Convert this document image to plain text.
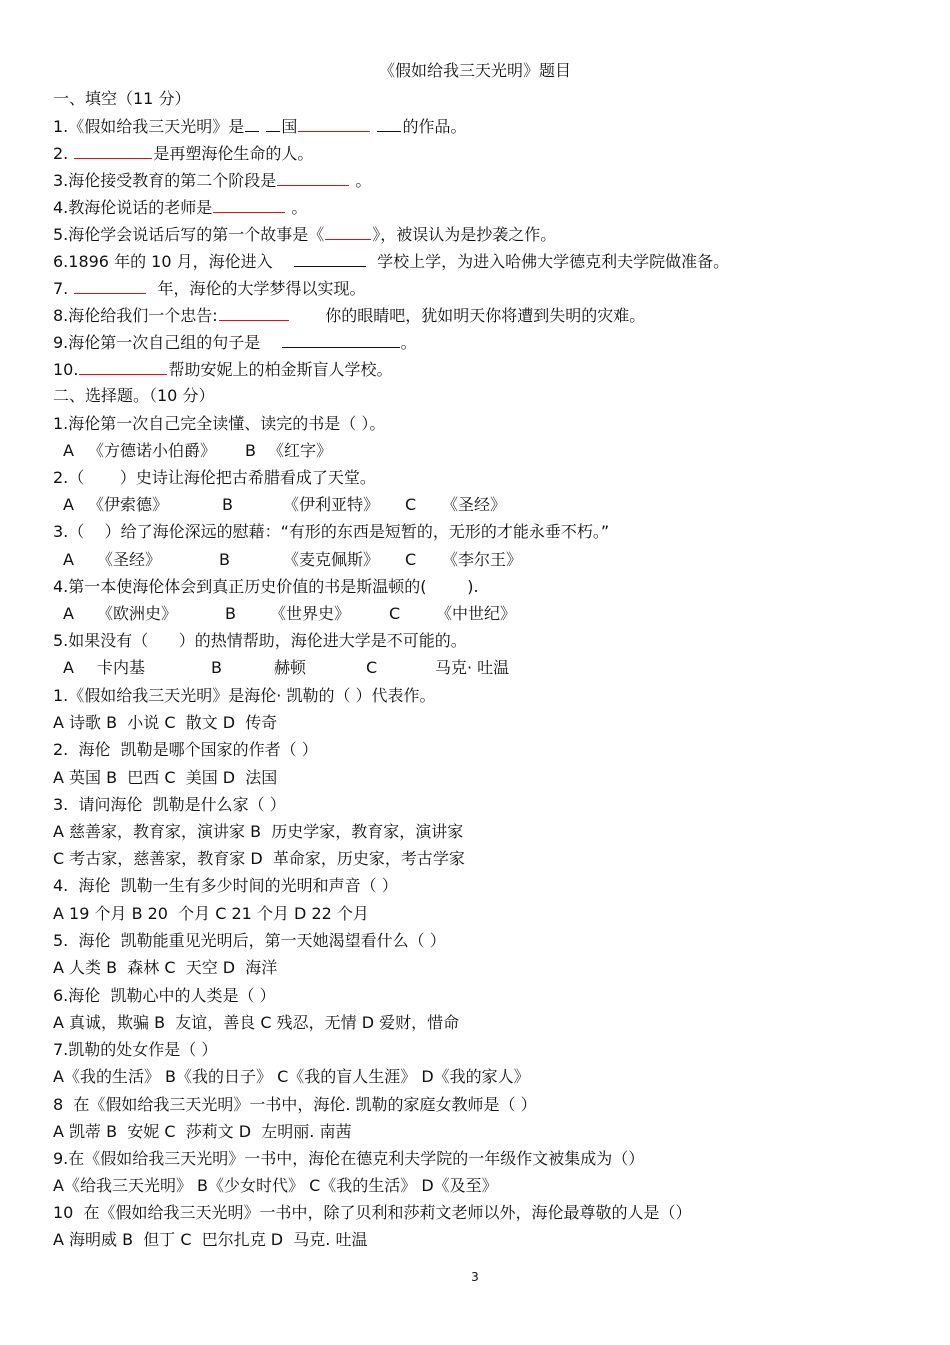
《假如给我三天光明》题目
一、填空（11 分）
1.《假如给我三天光明》是 国	的作品。
2.	是再塑海伦生命的人。
3.海伦接受教育的第二个阶段是	。
4.教海伦说话的老师是	。
5.海伦学会说话后写的第一个故事是《	》，被误认为是抄袭之作。
6.1896 年的 10 月，海伦进入	学校上学，为进入哈佛大学德克利夫学院做准备。
7.	年，海伦的大学梦得以实现。
8.海伦给我们一个忠告:	你的眼睛吧，犹如明天你将遭到失明的灾难。
9.海伦第一次自己组的句子是	。
10.	帮助安妮上的柏金斯盲人学校。
二、选择题。（10 分）
1.海伦第一次自己完全读懂、读完的书是（ ）。
A 《方德诺小伯爵》 B 《红字》
2.（       ）史诗让海伦把古希腊看成了天堂。
A 《伊索德》	B	《伊利亚特》 C 《圣经》
3.（    ）给了海伦深远的慰藉：“有形的东西是短暂的，无形的才能永垂不朽。”
A 《圣经》	B	《麦克佩斯》 C 《李尔王》
4.第一本使海伦体会到真正历史价值的书是斯温顿的(        ).
A 《欧洲史》	B 《世界史》 C 《中世纪》
5.如果没有（      ）的热情帮助，海伦进大学是不可能的。
A 卡内基	B	赫顿	C	马克· 吐温
1.《假如给我三天光明》是海伦· 凯勒的（ ）代表作。
A 诗歌 B  小说 C  散文 D  传奇
2.  海伦  凯勒是哪个国家的作者（ ）
A 英国 B  巴西 C  美国 D  法国
3.  请问海伦  凯勒是什么家（ ）
A 慈善家，教育家，演讲家 B  历史学家，教育家，演讲家
C 考古家，慈善家，教育家 D  革命家，历史家，考古学家
4.  海伦  凯勒一生有多少时间的光明和声音（ ）
A 19 个月 B 20  个月 C 21 个月 D 22 个月
5.  海伦  凯勒能重见光明后，第一天她渴望看什么（ ）
A 人类 B  森林 C  天空 D  海洋
6.海伦  凯勒心中的人类是（ ）
A 真诚，欺骗 B  友谊，善良 C 残忍，无情 D 爱财，惜命
7.凯勒的处女作是（ ）
A《我的生活》 B《我的日子》 C《我的盲人生涯》 D《我的家人》
8  在《假如给我三天光明》一书中，海伦. 凯勒的家庭女教师是（ ）
A 凯蒂 B  安妮 C  莎莉文 D  左明丽. 南茜
9.在《假如给我三天光明》一书中，海伦在德克利夫学院的一年级作文被集成为（）
A《给我三天光明》 B《少女时代》 C《我的生活》 D《及至》
10  在《假如给我三天光明》一书中，除了贝利和莎莉文老师以外，海伦最尊敬的人是（）
A 海明威 B  但丁 C  巴尔扎克 D  马克. 吐温
3
